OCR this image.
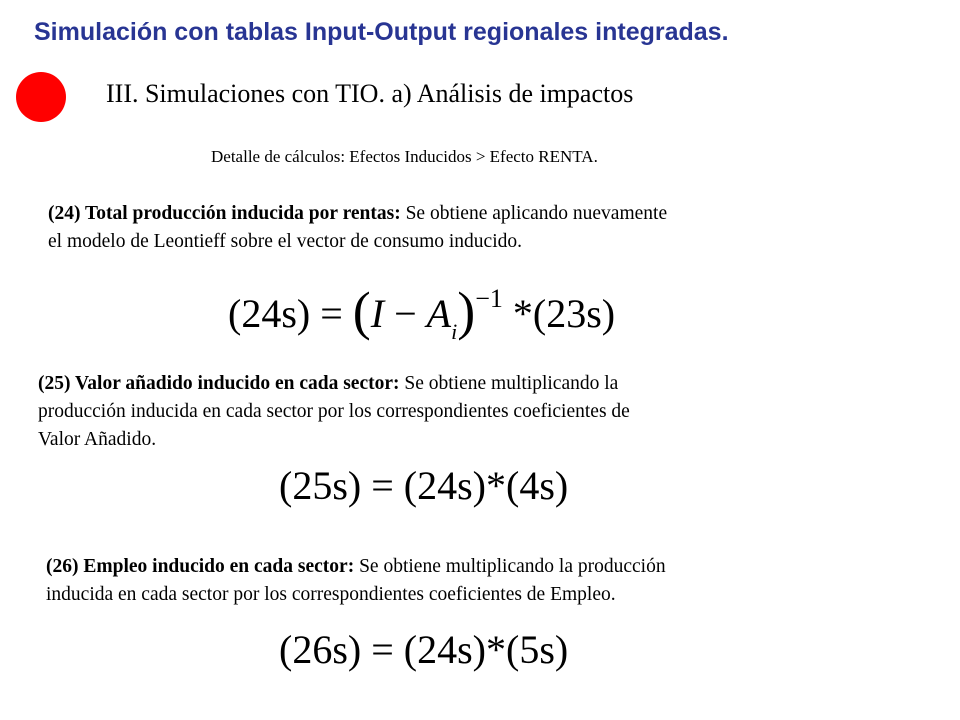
Simulación con tablas Input-Output regionales integradas.
III. Simulaciones con TIO. a) Análisis de impactos
Detalle de cálculos: Efectos Inducidos > Efecto RENTA.
(24) Total producción inducida por rentas: Se obtiene aplicando nuevamente
el modelo de Leontieff sobre el vector de consumo inducido.
$(24s) = (I - A_i)^{-1}$ *(23s)
(25) Valor añadido inducido en cada sector: Se obtiene multiplicando la
producción inducida en cada sector por los correspondientes coeficientes de
Valor Añadido.
(25s) = (24s)*(4s)
(26) Empleo inducido en cada sector: Se obtiene multiplicando la producción
inducida en cada sector por los correspondientes coeficientes de Empleo.
(26s) = (24s)*(5s)
